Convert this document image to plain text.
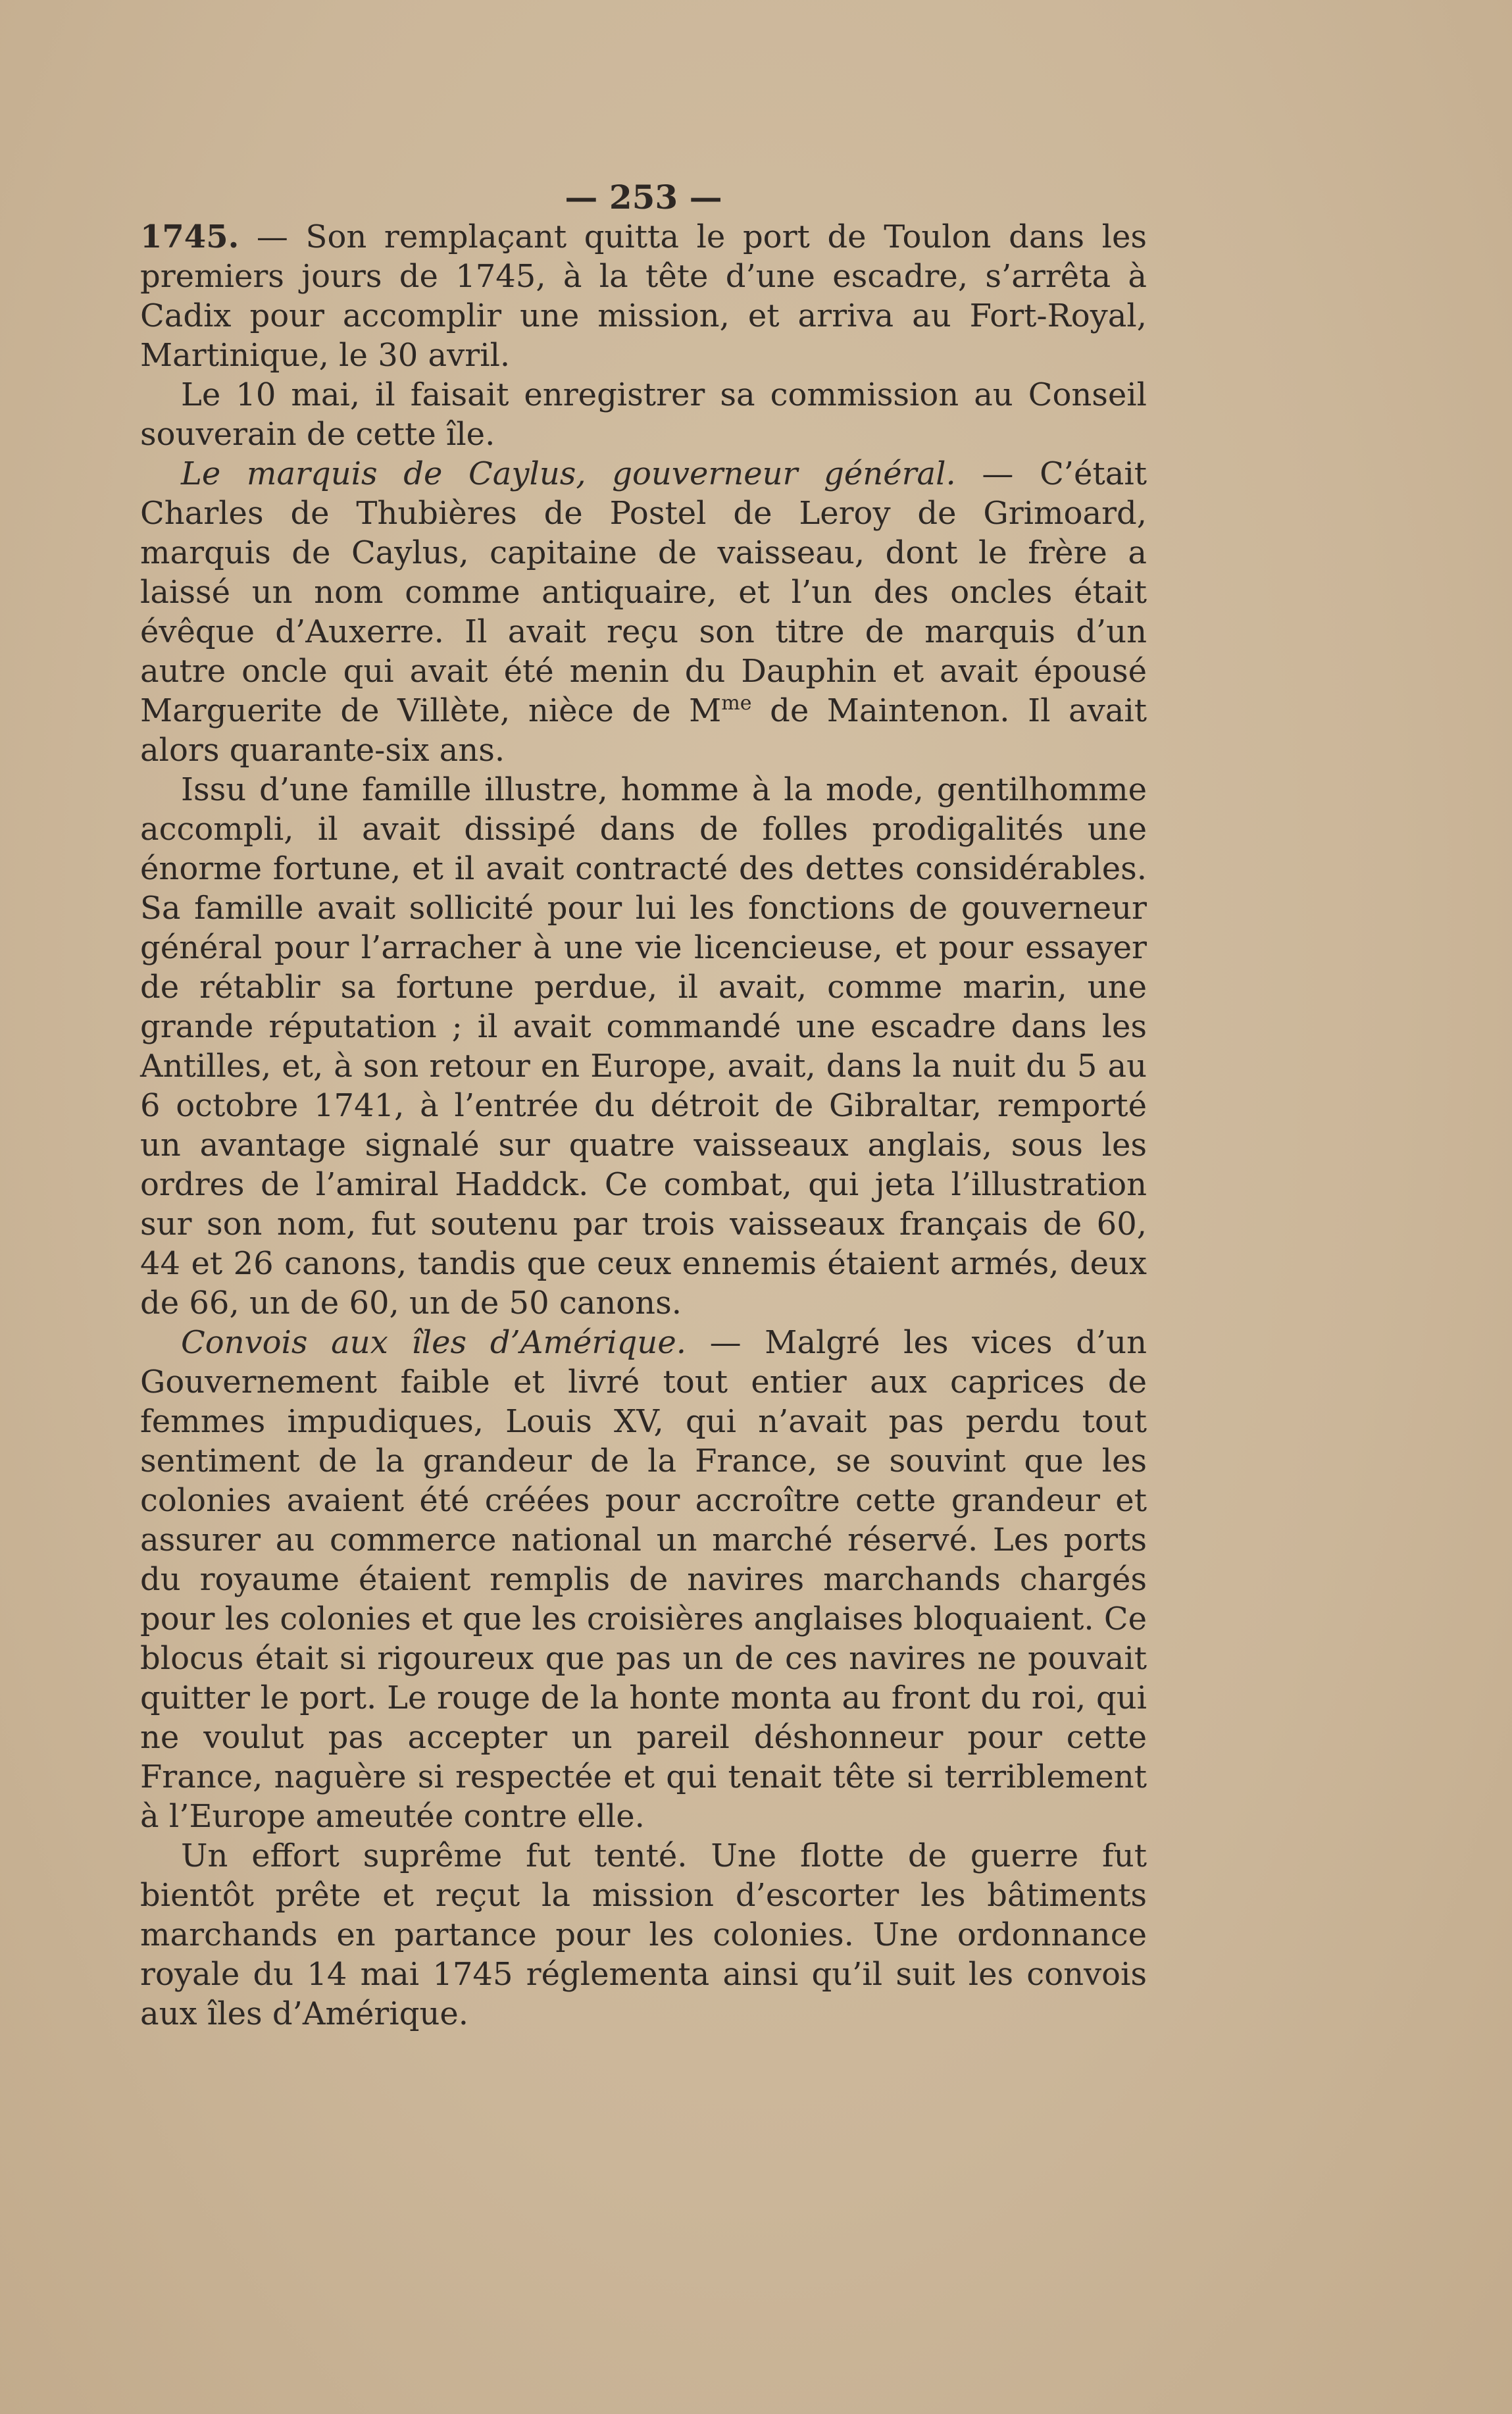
— 253 —

1745. — Son remplaçant quitta le port de Toulon dans les premiers jours de 1745, à la tête d’une escadre, s’arrêta à Cadix pour accomplir une mission, et arriva au Fort-Royal, Martinique, le 30 avril.

Le 10 mai, il faisait enregistrer sa commission au Conseil souverain de cette île.

Le marquis de Caylus, gouverneur général. — C’était Charles de Thubières de Postel de Leroy de Grimoard, marquis de Caylus, capitaine de vaisseau, dont le frère a laissé un nom comme antiquaire, et l’un des oncles était évêque d’Auxerre. Il avait reçu son titre de marquis d’un autre oncle qui avait été menin du Dauphin et avait épousé Marguerite de Villète, nièce de $M^{me}$ de Maintenon. Il avait alors quarante-six ans.

Issu d’une famille illustre, homme à la mode, gentilhomme accompli, il avait dissipé dans de folles prodigalités une énorme fortune, et il avait contracté des dettes considérables. Sa famille avait sollicité pour lui les fonctions de gouverneur général pour l’arracher à une vie licencieuse, et pour essayer de rétablir sa fortune perdue, il avait, comme marin, une grande réputation ; il avait commandé une escadre dans les Antilles, et, à son retour en Europe, avait, dans la nuit du 5 au 6 octobre 1741, à l’entrée du détroit de Gibraltar, remporté un avantage signalé sur quatre vaisseaux anglais, sous les ordres de l’amiral Haddck. Ce combat, qui jeta l’illustration sur son nom, fut soutenu par trois vaisseaux français de 60, 44 et 26 canons, tandis que ceux ennemis étaient armés, deux de 66, un de 60, un de 50 canons.

Convois aux îles d’Amérique. — Malgré les vices d’un Gouvernement faible et livré tout entier aux caprices de femmes impudiques, Louis XV, qui n’avait pas perdu tout sentiment de la grandeur de la France, se souvint que les colonies avaient été créées pour accroître cette grandeur et assurer au commerce national un marché réservé. Les ports du royaume étaient remplis de navires marchands chargés pour les colonies et que les croisières anglaises bloquaient. Ce blocus était si rigoureux que pas un de ces navires ne pouvait quitter le port. Le rouge de la honte monta au front du roi, qui ne voulut pas accepter un pareil déshonneur pour cette France, naguère si respectée et qui tenait tête si terriblement à l’Europe ameutée contre elle.

Un effort suprême fut tenté. Une flotte de guerre fut bientôt prête et reçut la mission d’escorter les bâtiments marchands en partance pour les colonies. Une ordonnance royale du 14 mai 1745 réglementa ainsi qu’il suit les convois aux îles d’Amérique.
